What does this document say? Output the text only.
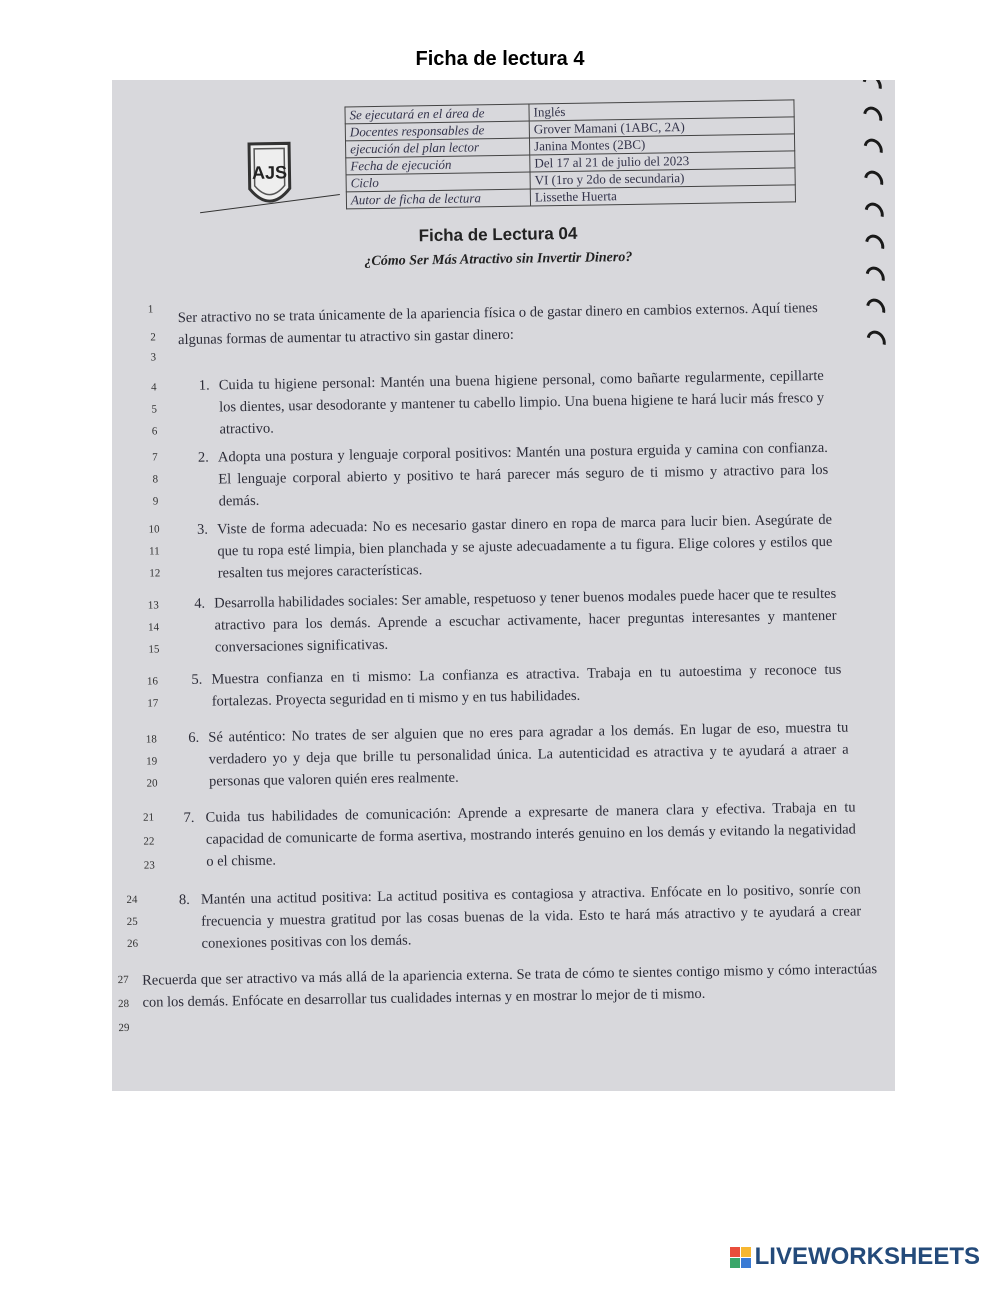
Ficha de lectura 4
AJS
Se ejecutará en el área de	Inglés
Docentes responsables de	Grover Mamani (1ABC, 2A)
ejecución del plan lector	Janina Montes (2BC)
Fecha de ejecución	Del 17 al 21 de julio del 2023
Ciclo	VI (1ro y 2do de secundaria)
Autor de ficha de lectura	Lissethe Huerta
Ficha de Lectura 04
¿Cómo Ser Más Atractivo sin Invertir Dinero?
1
2
3
4
5
6
7
8
9
10
11
12
13
14
15
16
17
18
19
20
21
22
23
24
25
26
27
28
29
Ser atractivo no se trata únicamente de la apariencia física o de gastar dinero en cambios externos. Aquí tienes algunas formas de aumentar tu atractivo sin gastar dinero:
1. Cuida tu higiene personal: Mantén una buena higiene personal, como bañarte regularmente, cepillarte los dientes, usar desodorante y mantener tu cabello limpio. Una buena higiene te hará lucir más fresco y atractivo.
2. Adopta una postura y lenguaje corporal positivos: Mantén una postura erguida y camina con confianza. El lenguaje corporal abierto y positivo te hará parecer más seguro de ti mismo y atractivo para los demás.
3. Viste de forma adecuada: No es necesario gastar dinero en ropa de marca para lucir bien. Asegúrate de que tu ropa esté limpia, bien planchada y se ajuste adecuadamente a tu figura. Elige colores y estilos que resalten tus mejores características.
4. Desarrolla habilidades sociales: Ser amable, respetuoso y tener buenos modales puede hacer que te resultes atractivo para los demás. Aprende a escuchar activamente, hacer preguntas interesantes y mantener conversaciones significativas.
5. Muestra confianza en ti mismo: La confianza es atractiva. Trabaja en tu autoestima y reconoce tus fortalezas. Proyecta seguridad en ti mismo y en tus habilidades.
6. Sé auténtico: No trates de ser alguien que no eres para agradar a los demás. En lugar de eso, muestra tu verdadero yo y deja que brille tu personalidad única. La autenticidad es atractiva y te ayudará a atraer a personas que valoren quién eres realmente.
7. Cuida tus habilidades de comunicación: Aprende a expresarte de manera clara y efectiva. Trabaja en tu capacidad de comunicarte de forma asertiva, mostrando interés genuino en los demás y evitando la negatividad o el chisme.
8. Mantén una actitud positiva: La actitud positiva es contagiosa y atractiva. Enfócate en lo positivo, sonríe con frecuencia y muestra gratitud por las cosas buenas de la vida. Esto te hará más atractivo y te ayudará a crear conexiones positivas con los demás.
Recuerda que ser atractivo va más allá de la apariencia externa. Se trata de cómo te sientes contigo mismo y cómo interactúas con los demás. Enfócate en desarrollar tus cualidades internas y en mostrar lo mejor de ti mismo.
LIVEWORKSHEETS
